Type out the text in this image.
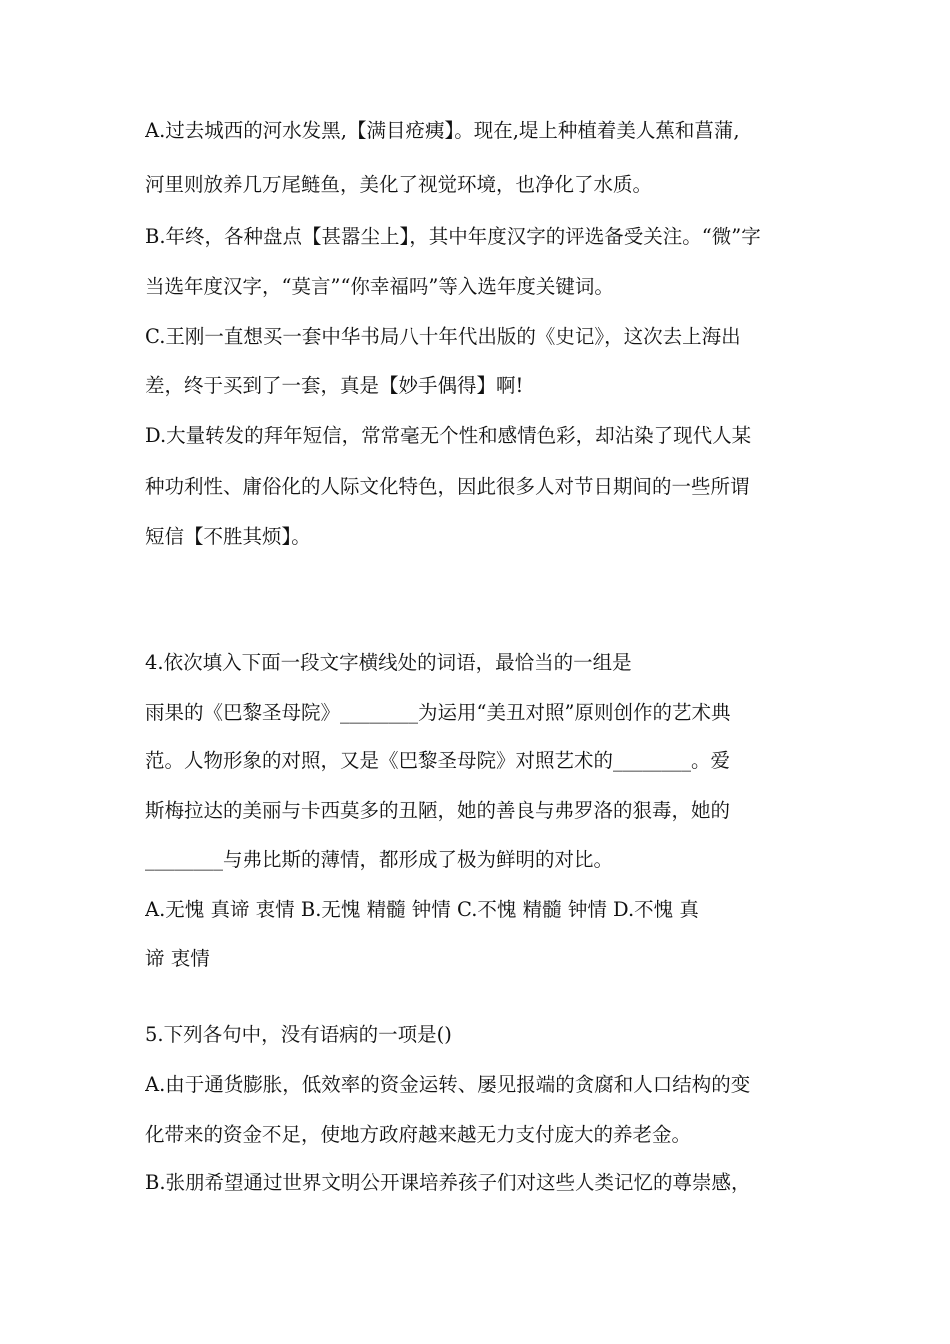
A.过去城西的河水发黑,【满目疮痍】。现在,堤上种植着美人蕉和菖蒲,
河里则放养几万尾鲢鱼，美化了视觉环境，也净化了水质。
B.年终，各种盘点【甚嚣尘上】，其中年度汉字的评选备受关注。“微”字
当选年度汉字，“莫言”“你幸福吗”等入选年度关键词。
C.王刚一直想买一套中华书局八十年代出版的《史记》，这次去上海出
差，终于买到了一套，真是【妙手偶得】啊!
D.大量转发的拜年短信，常常毫无个性和感情色彩，却沾染了现代人某
种功利性、庸俗化的人际文化特色，因此很多人对节日期间的一些所谓
短信【不胜其烦】。
4.依次填入下面一段文字横线处的词语，最恰当的一组是
雨果的《巴黎圣母院》________为运用“美丑对照”原则创作的艺术典
范。人物形象的对照，又是《巴黎圣母院》对照艺术的________。爱
斯梅拉达的美丽与卡西莫多的丑陋，她的善良与弗罗洛的狠毒，她的
________与弗比斯的薄情，都形成了极为鲜明的对比。
A.无愧 真谛 衷情 B.无愧 精髓 钟情 C.不愧 精髓 钟情 D.不愧 真
谛 衷情
5.下列各句中，没有语病的一项是()
A.由于通货膨胀，低效率的资金运转、屡见报端的贪腐和人口结构的变
化带来的资金不足，使地方政府越来越无力支付庞大的养老金。
B.张朋希望通过世界文明公开课培养孩子们对这些人类记忆的尊崇感，
